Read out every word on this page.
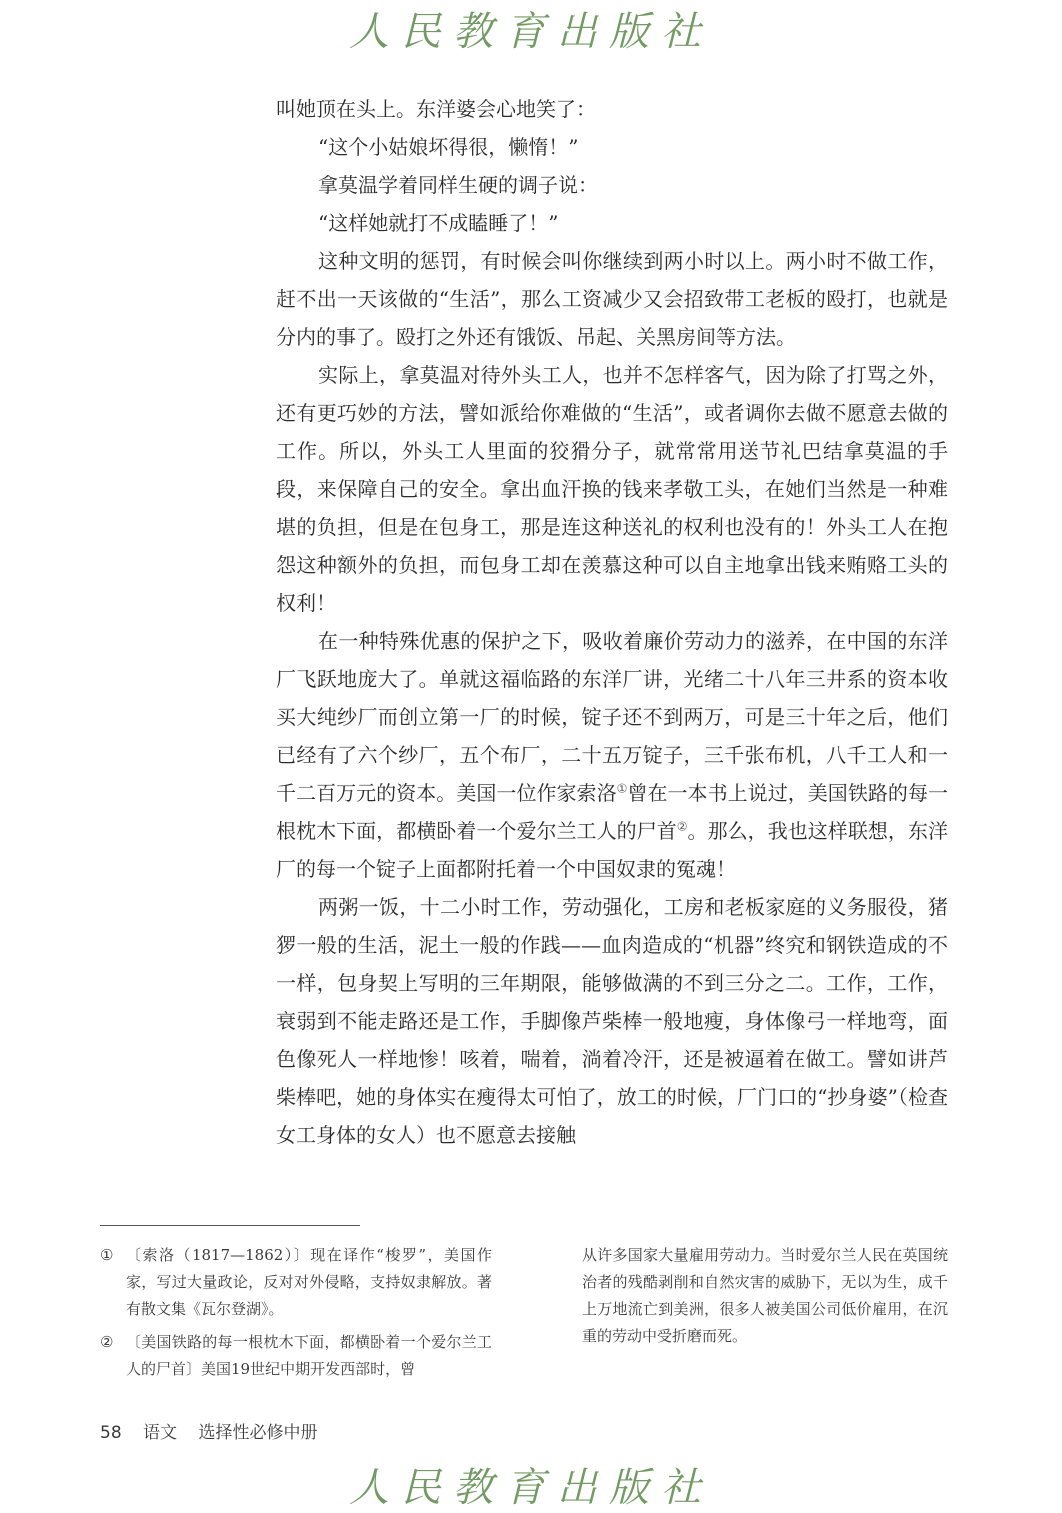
人民教育出版社

叫她顶在头上。东洋婆会心地笑了：

“这个小姑娘坏得很，懒惰！”

拿莫温学着同样生硬的调子说：

“这样她就打不成瞌睡了！”

这种文明的惩罚，有时候会叫你继续到两小时以上。两小时不做工作，赶不出一天该做的“生活”，那么工资减少又会招致带工老板的殴打，也就是分内的事了。殴打之外还有饿饭、吊起、关黑房间等方法。

实际上，拿莫温对待外头工人，也并不怎样客气，因为除了打骂之外，还有更巧妙的方法，譬如派给你难做的“生活”，或者调你去做不愿意去做的工作。所以，外头工人里面的狡猾分子，就常常用送节礼巴结拿莫温的手段，来保障自己的安全。拿出血汗换的钱来孝敬工头，在她们当然是一种难堪的负担，但是在包身工，那是连这种送礼的权利也没有的！外头工人在抱怨这种额外的负担，而包身工却在羡慕这种可以自主地拿出钱来贿赂工头的权利！

在一种特殊优惠的保护之下，吸收着廉价劳动力的滋养，在中国的东洋厂飞跃地庞大了。单就这福临路的东洋厂讲，光绪二十八年三井系的资本收买大纯纱厂而创立第一厂的时候，锭子还不到两万，可是三十年之后，他们已经有了六个纱厂，五个布厂，二十五万锭子，三千张布机，八千工人和一千二百万元的资本。美国一位作家索洛①曾在一本书上说过，美国铁路的每一根枕木下面，都横卧着一个爱尔兰工人的尸首②。那么，我也这样联想，东洋厂的每一个锭子上面都附托着一个中国奴隶的冤魂！

两粥一饭，十二小时工作，劳动强化，工房和老板家庭的义务服役，猪猡一般的生活，泥土一般的作践——血肉造成的“机器”终究和钢铁造成的不一样，包身契上写明的三年期限，能够做满的不到三分之二。工作，工作，衰弱到不能走路还是工作，手脚像芦柴棒一般地瘦，身体像弓一样地弯，面色像死人一样地惨！咳着，喘着，淌着冷汗，还是被逼着在做工。譬如讲芦柴棒吧，她的身体实在瘦得太可怕了，放工的时候，厂门口的“抄身婆”（检查女工身体的女人）也不愿意去接触

① 〔索洛（1817—1862）〕现在译作“梭罗”，美国作家，写过大量政论，反对对外侵略，支持奴隶解放。著有散文集《瓦尔登湖》。

② 〔美国铁路的每一根枕木下面，都横卧着一个爱尔兰工人的尸首〕美国19世纪中期开发西部时，曾

从许多国家大量雇用劳动力。当时爱尔兰人民在英国统治者的残酷剥削和自然灾害的威胁下，无以为生，成千上万地流亡到美洲，很多人被美国公司低价雇用，在沉重的劳动中受折磨而死。

58 语文 选择性必修中册
人民教育出版社
